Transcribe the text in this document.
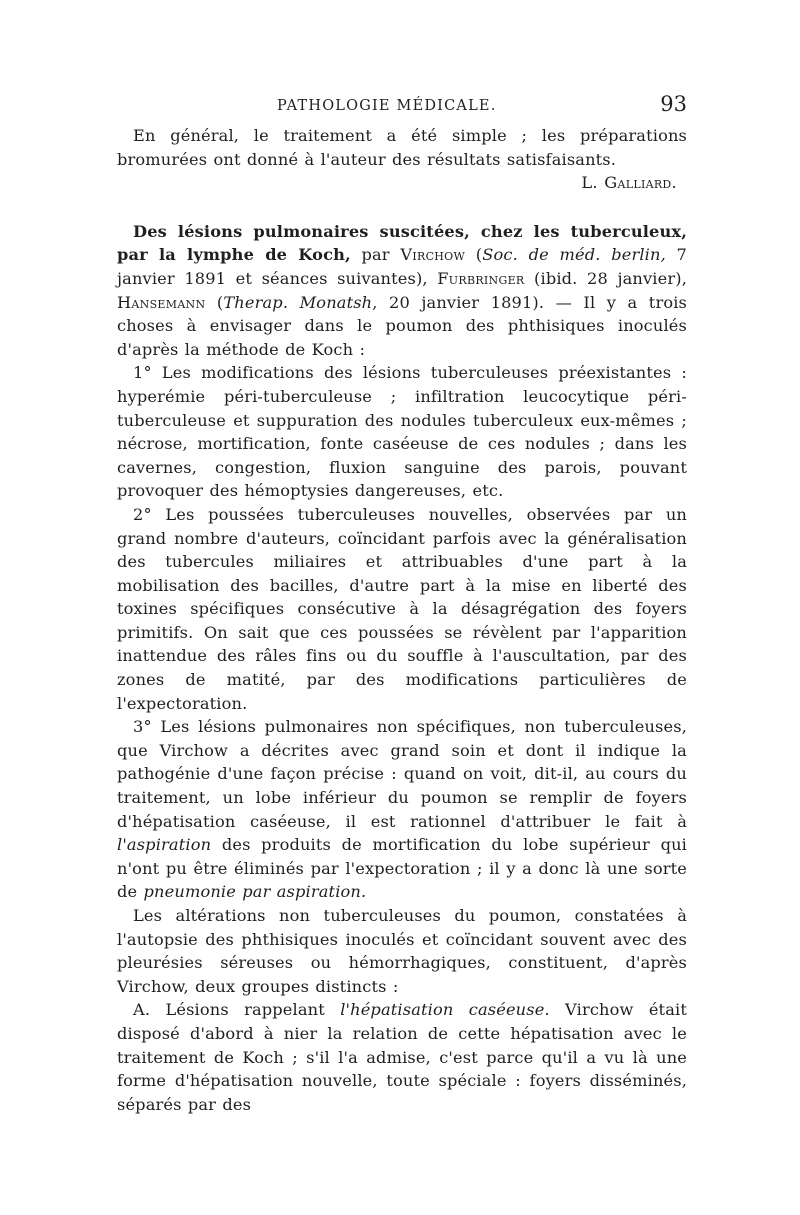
PATHOLOGIE MÉDICALE.	93

En général, le traitement a été simple ; les préparations bromurées ont donné à l'auteur des résultats satisfaisants.

L. Galliard.

Des lésions pulmonaires suscitées, chez les tuberculeux, par la lymphe de Koch, par Virchow (Soc. de méd. berlin, 7 janvier 1891 et séances suivantes), Furbringer (ibid. 28 janvier), Hansemann (Therap. Monatsh, 20 janvier 1891). — Il y a trois choses à envisager dans le poumon des phthisiques inoculés d'après la méthode de Koch :

1° Les modifications des lésions tuberculeuses préexistantes : hyperémie péri-tuberculeuse ; infiltration leucocytique péri-tuberculeuse et suppuration des nodules tuberculeux eux-mêmes ; nécrose, mortification, fonte caséeuse de ces nodules ; dans les cavernes, congestion, fluxion sanguine des parois, pouvant provoquer des hémoptysies dangereuses, etc.

2° Les poussées tuberculeuses nouvelles, observées par un grand nombre d'auteurs, coïncidant parfois avec la généralisation des tubercules miliaires et attribuables d'une part à la mobilisation des bacilles, d'autre part à la mise en liberté des toxines spécifiques consécutive à la désagrégation des foyers primitifs. On sait que ces poussées se révèlent par l'apparition inattendue des râles fins ou du souffle à l'auscultation, par des zones de matité, par des modifications particulières de l'expectoration.

3° Les lésions pulmonaires non spécifiques, non tuberculeuses, que Virchow a décrites avec grand soin et dont il indique la pathogénie d'une façon précise : quand on voit, dit-il, au cours du traitement, un lobe inférieur du poumon se remplir de foyers d'hépatisation caséeuse, il est rationnel d'attribuer le fait à l'aspiration des produits de mortification du lobe supérieur qui n'ont pu être éliminés par l'expectoration ; il y a donc là une sorte de pneumonie par aspiration.

Les altérations non tuberculeuses du poumon, constatées à l'autopsie des phthisiques inoculés et coïncidant souvent avec des pleurésies séreuses ou hémorrhagiques, constituent, d'après Virchow, deux groupes distincts :

A. Lésions rappelant l'hépatisation caséeuse. Virchow était disposé d'abord à nier la relation de cette hépatisation avec le traitement de Koch ; s'il l'a admise, c'est parce qu'il a vu là une forme d'hépatisation nouvelle, toute spéciale : foyers disséminés, séparés par des
